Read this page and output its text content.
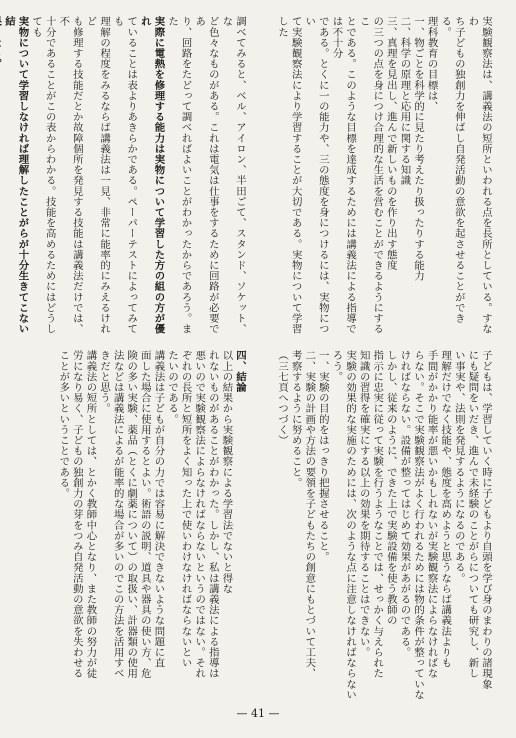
実験観察法は、講義法の短所といわれる点を長所としている。すなわ

ち子どもの独創力を伸ばし自発活動の意欲を起させることができる。

理科教育の目標は、

一、物ごとを科学的に見たり考えたり扱ったりする能力

二、科学の原理と応用に関する知識

三、真理を見出し、進んで新しいものを作り出す態度

の三つの点を身につけ合理的な生活を営むことができるようにするこ

とである。このような目標を達成するためには講義法による指導では不十分

である。とくに一の能力や、三の態度を身につけるには、実物につい

て実験観察法により学習することが大切である。実物について学習した

調べてみると、ベル、アイロン、半田ごて、スタンド、ソケット、な

ど色々なものがある。これは電気は仕事をするために回路が必要であ

り、回路をたどって調べればよいことがわかったからであろう。また

実際に電熱を修理する能力は実物について学習した方の組の方が優れ

ていることは表よりあきらかである。ペーパーテストによってみても

理解の程度をみるならば講義法は一見、非常に能率的にみえるけれど

も修理する技能だとか故障個所を発見する技能は講義法だけでは、不

十分であることがこの表からわかる。技能を高めるためにはどうしても

実物について学習しなければ理解したことがらが十分生きてこない結

子どもは、学習していく時に子どもより自頭を学び身のまわりの諸現象

にも疑問をいだき、進んで未経験のことがらについても研究し、新し

い事実や、法則を発見するようになるのである。

理解だけでなく技能や、態度を高めようと思うならば講義法よりも

手間がかかり能率が悪いかもしれないが実験観察法によらなければな

らない。そこで実験観察法がよく行われるためには物的条件が整っていな

ければならない。設備が整ってはじめて効果があがるのである。

しかし、従来のように、できた上で実験設備を使う教師の

指示に忠実に従って実験を行うようなことでは、せっかく与えられた

知識の習得を確実にする以上の効果を期待することはできない。

実験の効果的な実施のためには、次のような点に注意しなければならない

ろう。

一、実験の目的をはっきり把握させること。

二、実験の計画や方法の要領を子どもたちの創意にもとづいて工夫、

考察するように努めること。

（三七頁へつづく）

四、結論

以上の結果から実験観察による学習法でないと得な

れないものがあることがわかった。しかし、私は講義法による指導は

悪いので実験観察法によらなければならないというのではない。それ

ぞれの長所と短所をよく知った上で使いわけなければならないとい

たいのである。

講義法は子どもが自分の力では容易に解決できないような問題に直

面した場合に使用するとよい。術語の説明、道具や器具の使い方、危

険の多い実験、薬品（とくに劇薬について）の取扱い、計器類の使用

法などは講義法によるが能率的な場合が多いのでこの方法を活用すべ

きだと思う。

講義法の短所としては、とかく教師中心となり、また教師の努力が徒

労になり易く、子どもの独創力の芽をつみ自発活動の意欲を失わせる

ことが多いということである。

— 41 —
